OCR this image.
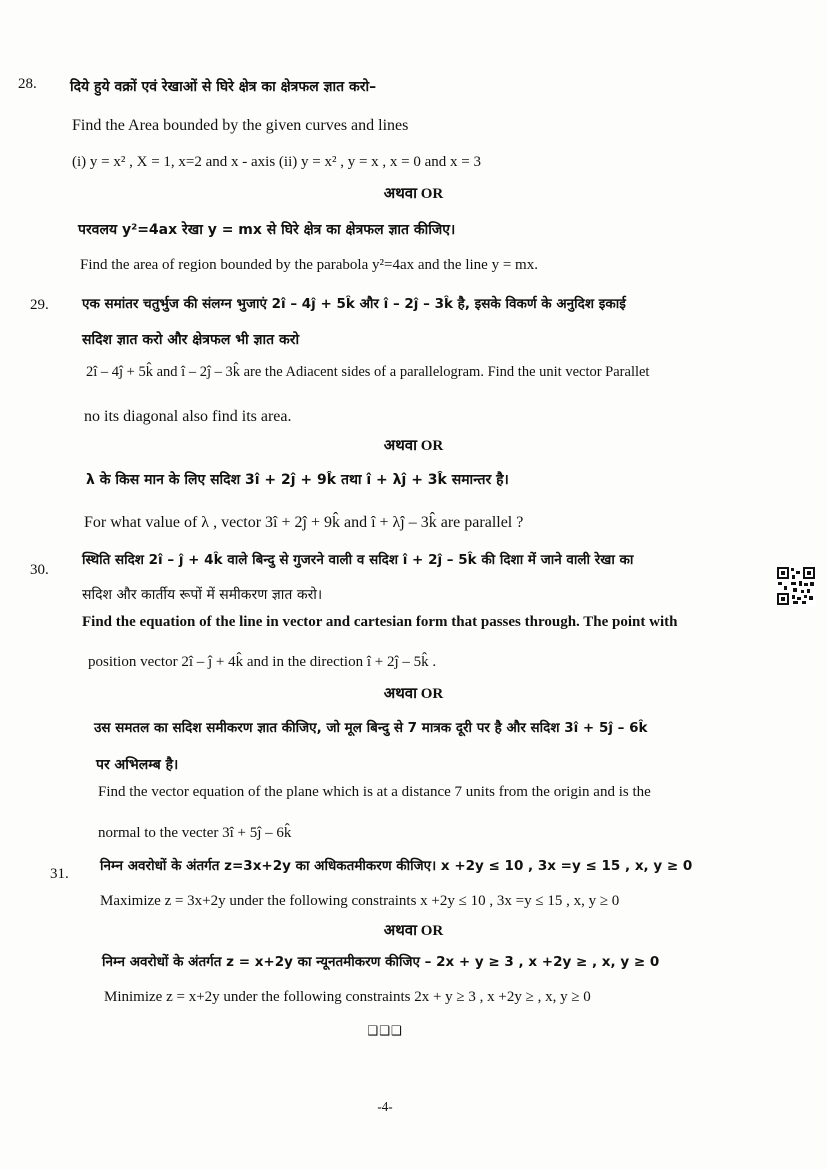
28. दिये हुये वक्रों एवं रेखाओं से घिरे क्षेत्र का क्षेत्रफल ज्ञात करो–
Find the Area bounded by the given curves and lines
(i) y = x² , X = 1, x=2 and x - axis (ii) y = x² , y = x , x = 0 and x = 3
अथवा OR
परवलय y²=4ax रेखा y = mx से घिरे क्षेत्र का क्षेत्रफल ज्ञात कीजिए।
Find the area of region bounded by the parabola y²=4ax and the line y = mx.
29. एक समांतर चतुर्भुज की संलग्न भुजाएं 2î – 4ĵ + 5k̂ और î – 2ĵ – 3k̂ है, इसके विकर्ण के अनुदिश इकाई
सदिश ज्ञात करो और क्षेत्रफल भी ज्ञात करो
2î – 4ĵ + 5k̂ and î – 2ĵ – 3k̂ are the Adiacent sides of a parallelogram. Find the unit vector Parallet
no its diagonal also find its area.
अथवा OR
λ के किस मान के लिए सदिश 3î + 2ĵ + 9k̂ तथा î + λĵ + 3k̂ समान्तर है।
For what value of λ , vector 3î + 2ĵ + 9k̂ and î + λĵ – 3k̂ are parallel ?
30.
स्थिति सदिश 2î – ĵ + 4k̂ वाले बिन्दु से गुजरने वाली व सदिश î + 2ĵ – 5k̂ की दिशा में जाने वाली रेखा का
सदिश और कार्तीय रूपों में समीकरण ज्ञात करो।
Find the equation of the line in vector and cartesian form that passes through. The point with
position vector 2î – ĵ + 4k̂ and in the direction î + 2ĵ – 5k̂ .
अथवा OR
उस समतल का सदिश समीकरण ज्ञात कीजिए, जो मूल बिन्दु से 7 मात्रक दूरी पर है और सदिश 3î + 5ĵ – 6k̂
पर अभिलम्ब है।
Find the vector equation of the plane which is at a distance 7 units from the origin and is the
normal to the vecter 3î + 5ĵ – 6k̂
31. निम्न अवरोधों के अंतर्गत z=3x+2y का अधिकतमीकरण कीजिए। x +2y ≤ 10 , 3x =y ≤ 15 , x, y ≥ 0
Maximize z = 3x+2y under the following constraints x +2y ≤ 10 , 3x =y ≤ 15 , x, y ≥ 0
अथवा OR
निम्न अवरोधों के अंतर्गत z = x+2y का न्यूनतमीकरण कीजिए – 2x + y ≥ 3 , x +2y ≥ , x, y ≥ 0
Minimize z = x+2y under the following constraints 2x + y ≥ 3 , x +2y ≥ , x, y ≥ 0
❑❑❑
-4-
